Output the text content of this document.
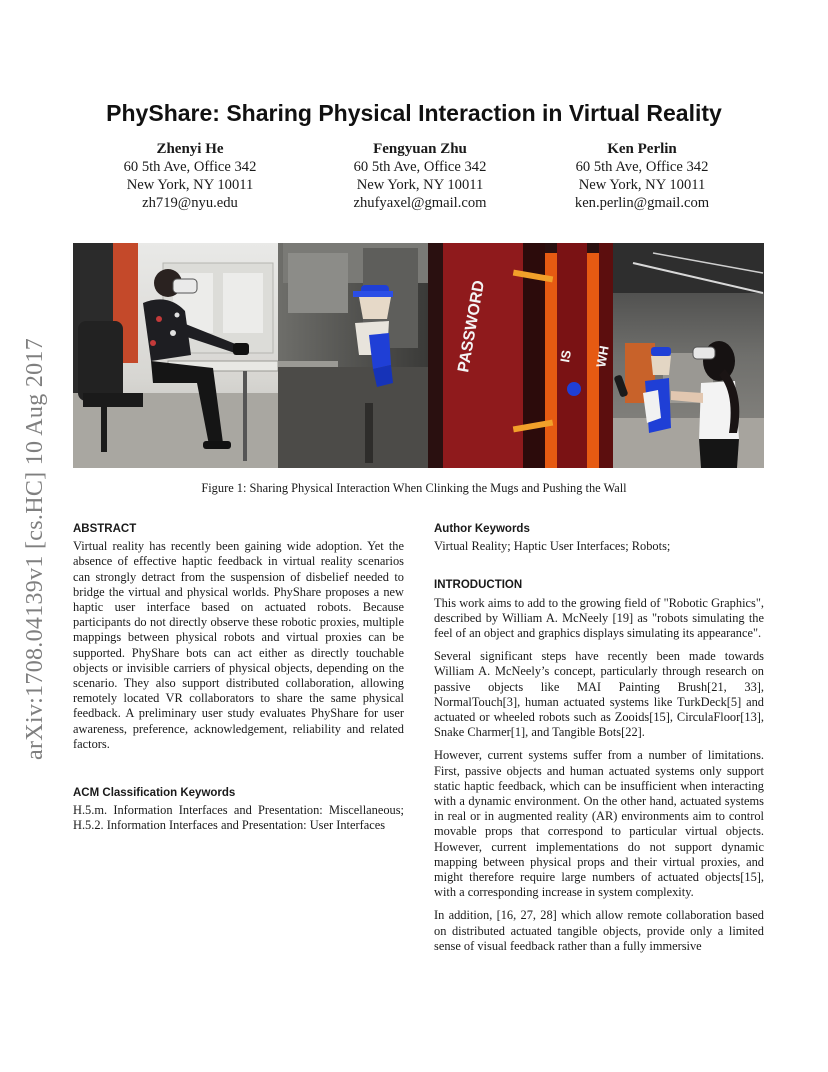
arXiv:1708.04139v1 [cs.HC] 10 Aug 2017
PhyShare: Sharing Physical Interaction in Virtual Reality
Zhenyi He
60 5th Ave, Office 342
New York, NY 10011
zh719@nyu.edu
Fengyuan Zhu
60 5th Ave, Office 342
New York, NY 10011
zhufyaxel@gmail.com
Ken Perlin
60 5th Ave, Office 342
New York, NY 10011
ken.perlin@gmail.com
PASSWORD	IS WH
Figure 1: Sharing Physical Interaction When Clinking the Mugs and Pushing the Wall
ABSTRACT

Virtual reality has recently been gaining wide adoption. Yet the absence of effective haptic feedback in virtual reality scenarios can strongly detract from the suspension of disbelief needed to bridge the virtual and physical worlds. PhyShare proposes a new haptic user interface based on actuated robots. Because participants do not directly observe these robotic proxies, multiple mappings between physical robots and virtual proxies can be supported. PhyShare bots can act either as directly touchable objects or invisible carriers of physical objects, depending on the scenario. They also support distributed collaboration, allowing remotely located VR collaborators to share the same physical feedback. A preliminary user study evaluates PhyShare for user awareness, preference, acknowledgement, reliability and related factors.

ACM Classification Keywords

H.5.m. Information Interfaces and Presentation: Miscellaneous; H.5.2. Information Interfaces and Presentation: User Interfaces

Author Keywords

Virtual Reality; Haptic User Interfaces; Robots;

INTRODUCTION

This work aims to add to the growing field of "Robotic Graphics", described by William A. McNeely [19] as "robots simulating the feel of an object and graphics displays simulating its appearance".

Several significant steps have recently been made towards William A. McNeely’s concept, particularly through research on passive objects like MAI Painting Brush[21, 33], NormalTouch[3], human actuated systems like TurkDeck[5] and actuated or wheeled robots such as Zooids[15], CirculaFloor[13], Snake Charmer[1], and Tangible Bots[22].

However, current systems suffer from a number of limitations. First, passive objects and human actuated systems only support static haptic feedback, which can be insufficient when interacting with a dynamic environment. On the other hand, actuated systems in real or in augmented reality (AR) environments aim to control movable props that correspond to particular virtual objects. However, current implementations do not support dynamic mapping between physical props and their virtual proxies, and might therefore require large numbers of actuated objects[15], with a corresponding increase in system complexity.

In addition, [16, 27, 28] which allow remote collaboration based on distributed actuated tangible objects, provide only a limited sense of visual feedback rather than a fully immersive
